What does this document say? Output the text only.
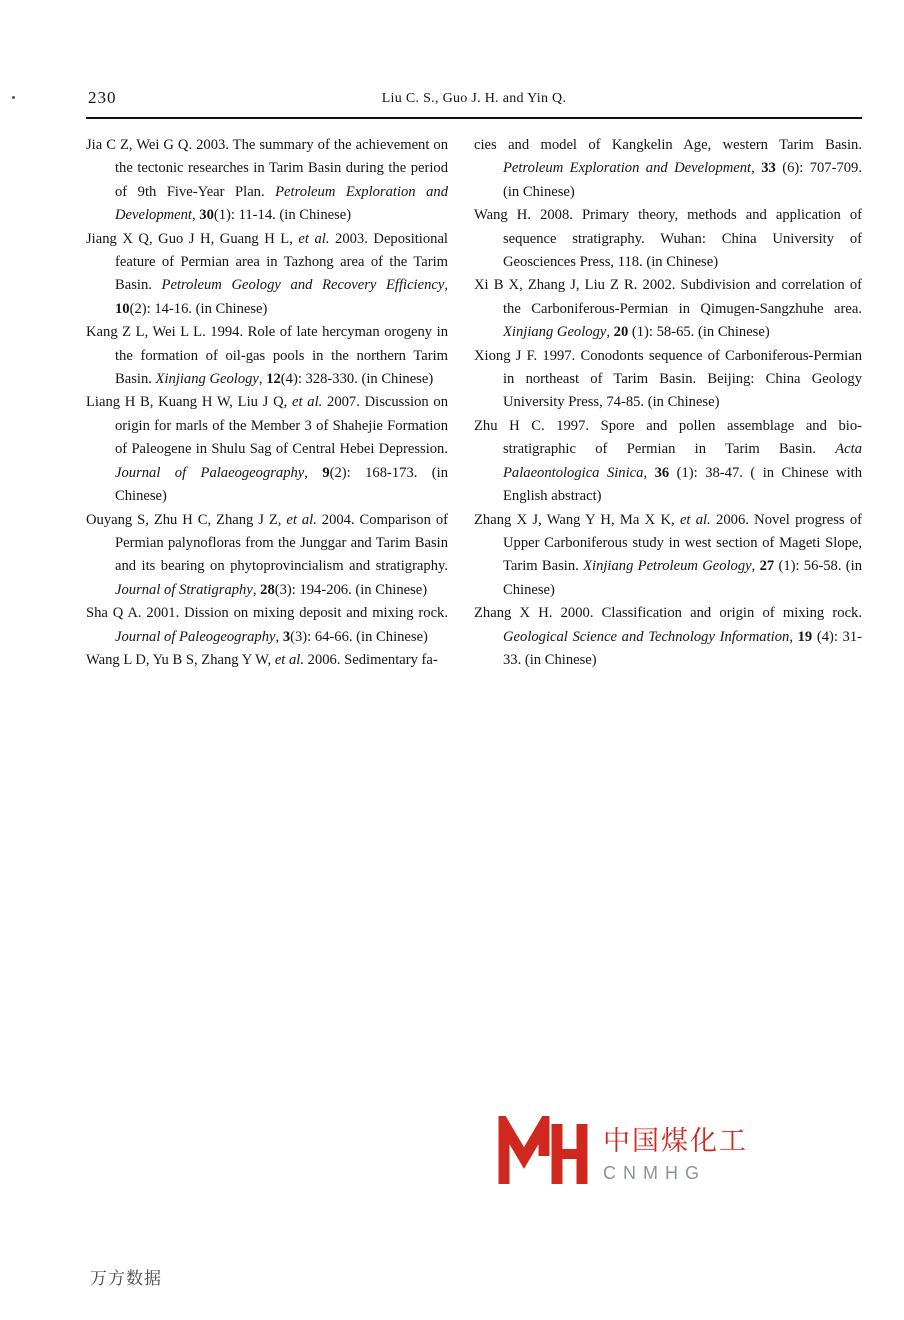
230	Liu C. S., Guo J. H. and Yin Q.

Jia C Z, Wei G Q. 2003. The summary of the achievement on the tectonic researches in Tarim Basin during the period of 9th Five-Year Plan. Petroleum Exploration and Development, 30(1): 11-14. (in Chinese)

Jiang X Q, Guo J H, Guang H L, et al. 2003. Depositional feature of Permian area in Tazhong area of the Tarim Basin. Petroleum Geology and Recovery Efficiency, 10(2): 14-16. (in Chinese)

Kang Z L, Wei L L. 1994. Role of late hercyman orogeny in the formation of oil-gas pools in the northern Tarim Basin. Xinjiang Geology, 12(4): 328-330. (in Chinese)

Liang H B, Kuang H W, Liu J Q, et al. 2007. Discussion on origin for marls of the Member 3 of Shahejie Formation of Paleogene in Shulu Sag of Central Hebei Depression. Journal of Palaeogeography, 9(2): 168-173. (in Chinese)

Ouyang S, Zhu H C, Zhang J Z, et al. 2004. Comparison of Permian palynofloras from the Junggar and Tarim Basin and its bearing on phytoprovincialism and stratigraphy. Journal of Stratigraphy, 28(3): 194-206. (in Chinese)

Sha Q A. 2001. Dission on mixing deposit and mixing rock. Journal of Paleogeography, 3(3): 64-66. (in Chinese)

Wang L D, Yu B S, Zhang Y W, et al. 2006. Sedimentary fa-

cies and model of Kangkelin Age, western Tarim Basin. Petroleum Exploration and Development, 33 (6): 707-709. (in Chinese)

Wang H. 2008. Primary theory, methods and application of sequence stratigraphy. Wuhan: China University of Geosciences Press, 118. (in Chinese)

Xi B X, Zhang J, Liu Z R. 2002. Subdivision and correlation of the Carboniferous-Permian in Qimugen-Sangzhuhe area. Xinjiang Geology, 20 (1): 58-65. (in Chinese)

Xiong J F. 1997. Conodonts sequence of Carboniferous-Permian in northeast of Tarim Basin. Beijing: China Geology University Press, 74-85. (in Chinese)

Zhu H C. 1997. Spore and pollen assemblage and bio-stratigraphic of Permian in Tarim Basin. Acta Palaeontologica Sinica, 36 (1): 38-47. ( in Chinese with English abstract)

Zhang X J, Wang Y H, Ma X K, et al. 2006. Novel progress of Upper Carboniferous study in west section of Mageti Slope, Tarim Basin. Xinjiang Petroleum Geology, 27 (1): 56-58. (in Chinese)

Zhang X H. 2000. Classification and origin of mixing rock. Geological Science and Technology Information, 19 (4): 31-33. (in Chinese)

中国煤化工
CNMHG
万方数据
